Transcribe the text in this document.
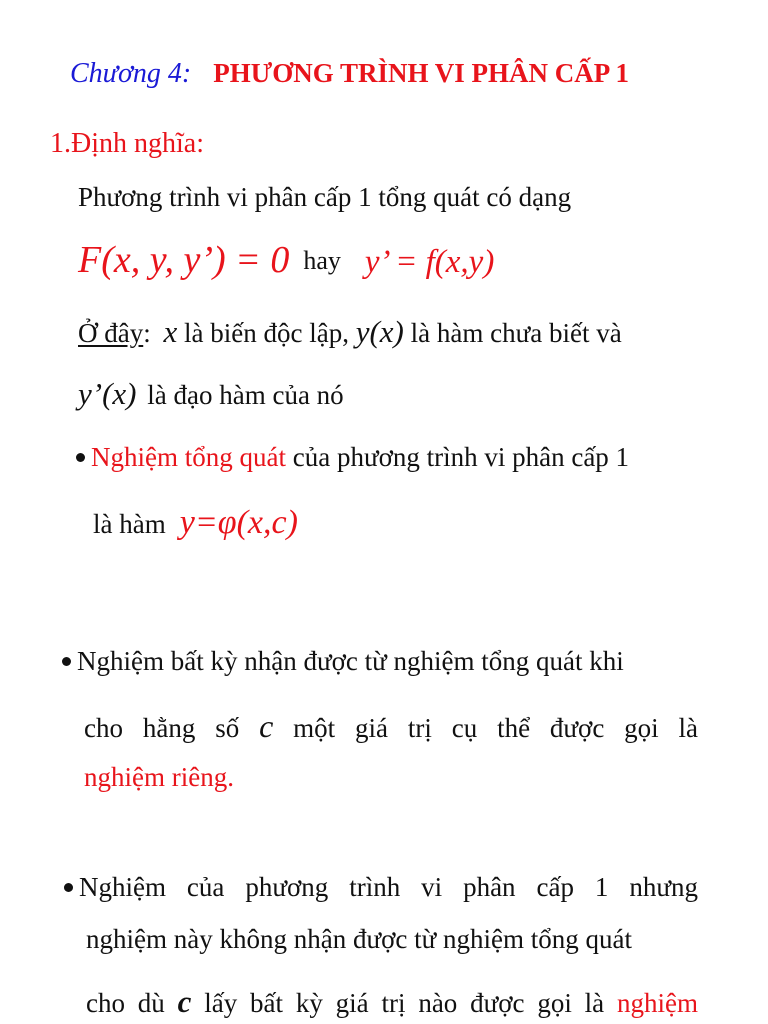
Chương 4: PHƯƠNG TRÌNH VI PHÂN CẤP 1
1.Định nghĩa:
Phương trình vi phân cấp 1 tổng quát có dạng
F(x, y, y’) = 0 hay y’ = f(x,y)
Ở đây: x là biến độc lập, y(x) là hàm chưa biết và
y’(x) là đạo hàm của nó
Nghiệm tổng quát của phương trình vi phân cấp 1
là hàm y=φ(x,c)
Nghiệm bất kỳ nhận được từ nghiệm tổng quát khi
cho hằng số c một giá trị cụ thể được gọi là
nghiệm riêng.
Nghiệm của phương trình vi phân cấp 1 nhưng
nghiệm này không nhận được từ nghiệm tổng quát
cho dù c lấy bất kỳ giá trị nào được gọi là nghiệm
